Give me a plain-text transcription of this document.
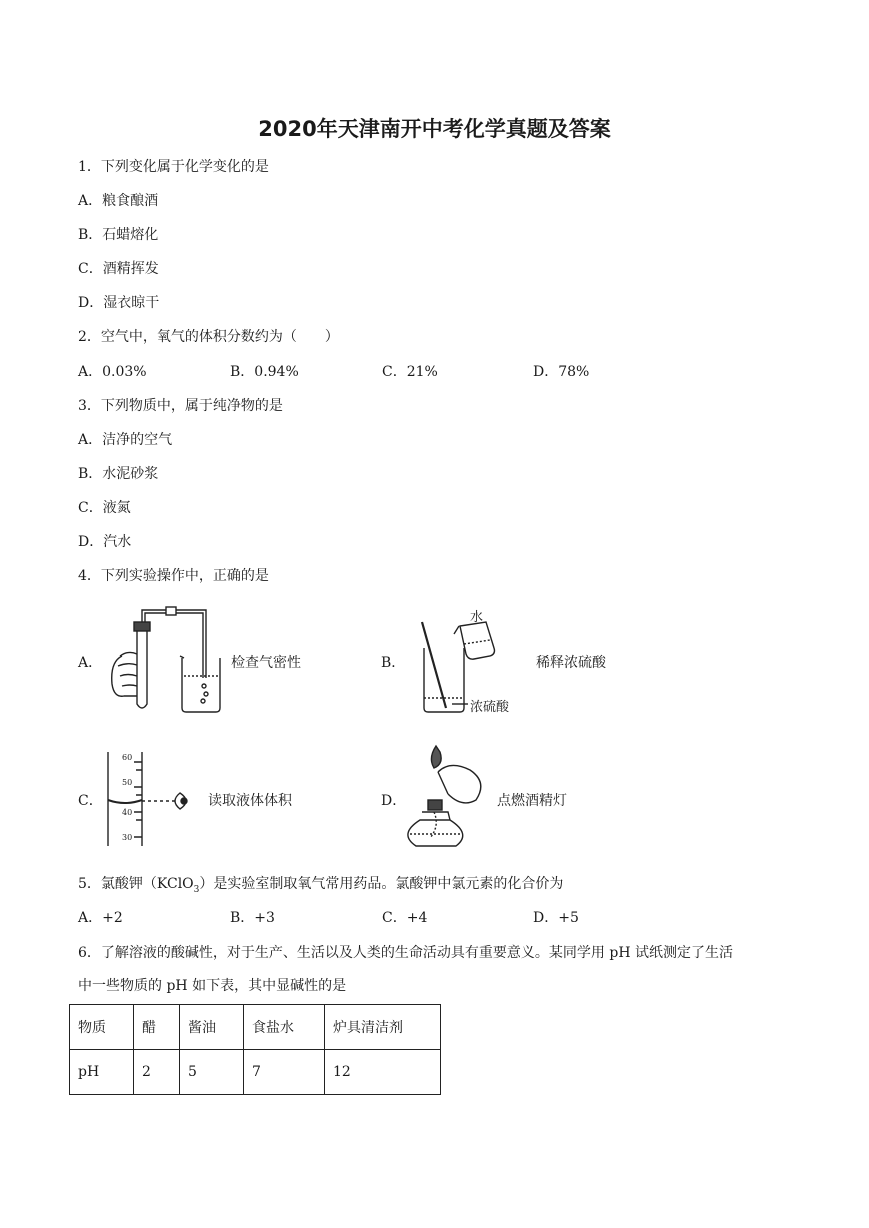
2020年天津南开中考化学真题及答案
1．下列变化属于化学变化的是
A．粮食酿酒
B．石蜡熔化
C．酒精挥发
D．湿衣晾干
2．空气中，氧气的体积分数约为（　　）
A．0.03%	B．0.94%	C．21%	D．78%
3．下列物质中，属于纯净物的是
A．洁净的空气
B．水泥砂浆
C．液氮
D．汽水
4．下列实验操作中，正确的是
A．	检查气密性	B．
水
浓硫酸
稀释浓硫酸
C．
60
50
40
30
读取液体体积	D．	点燃酒精灯
5．氯酸钾（KClO$_3$）是实验室制取氧气常用药品。氯酸钾中氯元素的化合价为
A．+2	B．+3	C．+4	D．+5
6．了解溶液的酸碱性，对于生产、生活以及人类的生命活动具有重要意义。某同学用 pH 试纸测定了生活
中一些物质的 pH 如下表，其中显碱性的是
物质	醋	酱油	食盐水	炉具清洁剂
pH	2	5	7	12
